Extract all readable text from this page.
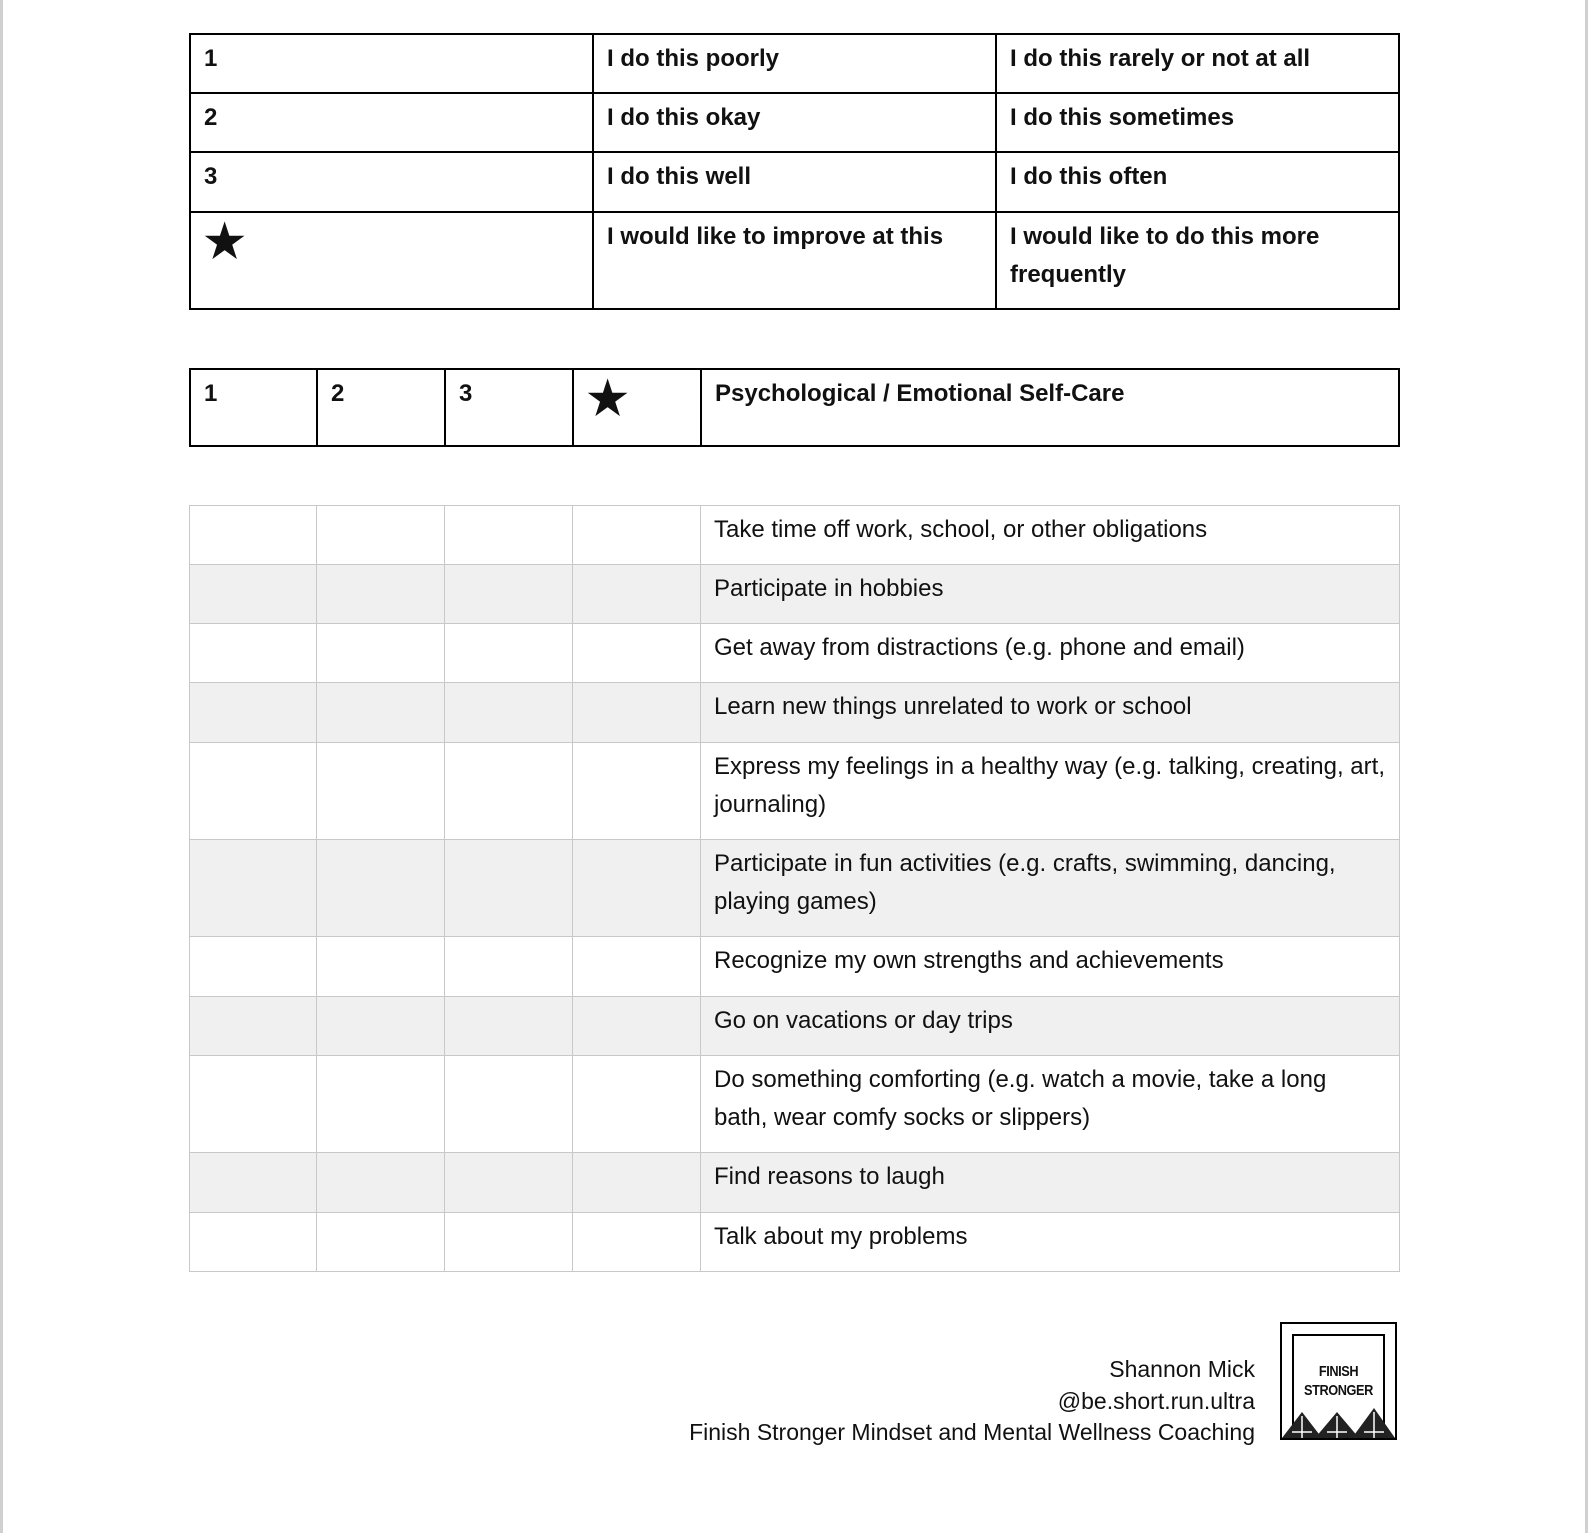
1	I do this poorly	I do this rarely or not at all
2	I do this okay	I do this sometimes
3	I do this well	I do this often
★	I would like to improve at this	I would like to do this more frequently
1	2	3	★	Psychological / Emotional Self-Care
				Take time off work, school, or other obligations
				Participate in hobbies
				Get away from distractions (e.g. phone and email)
				Learn new things unrelated to work or school
				Express my feelings in a healthy way (e.g. talking, creating, art, journaling)
				Participate in fun activities (e.g. crafts, swimming, dancing, playing games)
				Recognize my own strengths and achievements
				Go on vacations or day trips
				Do something comforting (e.g. watch a movie, take a long bath, wear comfy socks or slippers)
				Find reasons to laugh
				Talk about my problems
Shannon Mick
@be.short.run.ultra
Finish Stronger Mindset and Mental Wellness Coaching
FINISH
STRONGER
